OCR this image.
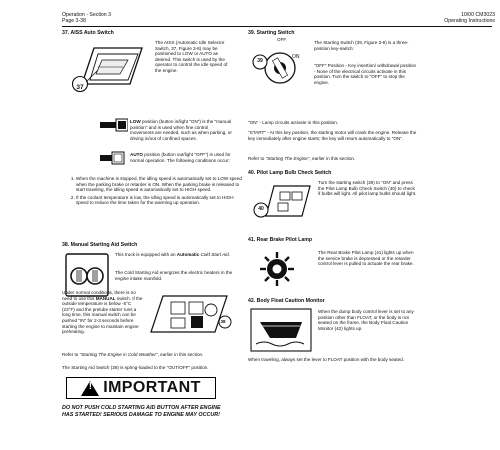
Operation - Section 3
Page 3-38
10/00 CM3023
Operating Instructions
37. AISS Auto Switch
37

The AISS (Automatic Idle Selector Switch, 37, Figure 3-8) may be positioned to LOW or AUTO as desired. This switch is used by the operator to control the idle speed of the engine.

LOW position (button in/light "ON") is the "manual position" and is used when fine control movements are needed, such as when parking, or driving in/out of confined spaces.

AUTO position (button out/light "OFF") is used for normal operation. The following conditions occur:

1. When the machine is stopped, the idling speed is automatically set to LOW speed when the parking brake or retarder is ON. When the parking brake is released to start traveling, the idling speed is automatically set to HIGH speed.
2. If the coolant temperature is low, the idling speed is automatically set to HIGH speed to reduce the time taken for the warming up operation.
38. Manual Starting Aid Switch

This truck is equipped with an Automatic Cold Start Aid.

The Cold Starting Aid energizes the electric heaters in the engine intake manifold.

38

Under normal conditions, there is no need to use this MANUAL switch. If the outside temperature is below -5°C (23°F) and the prelube starter runs a long time, this manual switch can be pushed "IN" for 2-3 seconds before starting the engine to maintain engine preheating.

Refer to "Starting The Engine in Cold Weather", earlier in this section.

The Starting Aid Switch (38) is spring-loaded to the "OUT/OFF" position.

! IMPORTANT
DO NOT PUSH COLD STARTING AID BUTTON AFTER ENGINE HAS STARTED! SERIOUS DAMAGE TO ENGINE MAY OCCUR!
39. Starting Switch
ON
OFF
39

The Starting Switch (39, Figure 3-8) is a three-position key-switch:

"OFF" Position - Key insertion/ withdrawal position - None of the electrical circuits activate in this position. Turn the switch to "OFF" to stop the engine.

"ON" - Lamp circuits activate in this position.

"START" - At this key position, the starting motor will crank the engine. Release the key immediately after engine starts; the key will return automatically to "ON".

Refer to "Starting The Engine", earlier in this section.

40. Pilot Lamp Bulb Check Switch
40

Turn the starting switch (39) to "ON" and press the Pilot Lamp Bulb Check Switch (40) to check if bulbs will light. All pilot lamp bulbs should light.

41. Rear Brake Pilot Lamp

The Rear Brake Pilot Lamp (41) lights up when the service brake is depressed or the retarder control lever is pulled to actuate the rear brake.

42. Body Float Caution Monitor

When the dump body control lever is set to any position other than FLOAT, or the body is not seated on the frame, the Body Float Caution Monitor (42) lights up.

When traveling, always set the lever to FLOAT position with the body seated.
